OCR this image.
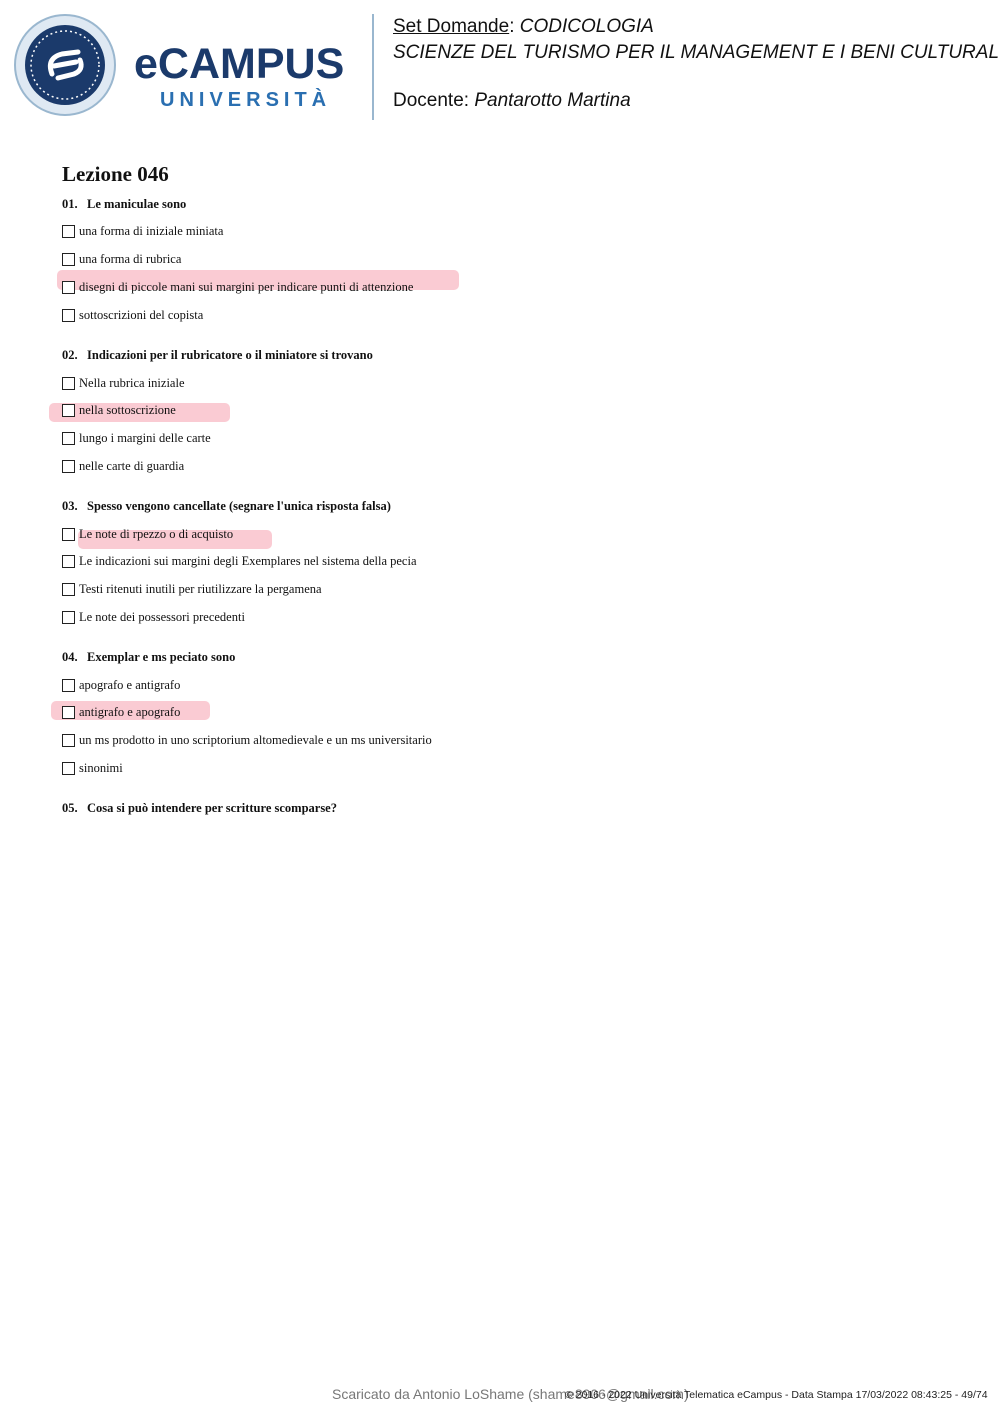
eCAMPUS
UNIVERSITÀ
Set Domande: CODICOLOGIA
SCIENZE DEL TURISMO PER IL MANAGEMENT E I BENI CULTURAL
Docente: Pantarotto Martina
Lezione 046
01. Le maniculae sono
una forma di iniziale miniata
una forma di rubrica
disegni di piccole mani sui margini per indicare punti di attenzione
sottoscrizioni del copista
02. Indicazioni per il rubricatore o il miniatore si trovano
Nella rubrica iniziale
nella sottoscrizione
lungo i margini delle carte
nelle carte di guardia
03. Spesso vengono cancellate (segnare l'unica risposta falsa)
Le note di rpezzo o di acquisto
Le indicazioni sui margini degli Exemplares nel sistema della pecia
Testi ritenuti inutili per riutilizzare la pergamena
Le note dei possessori precedenti
04. Exemplar e ms peciato sono
apografo e antigrafo
antigrafo e apografo
un ms prodotto in uno scriptorium altomedievale e un ms universitario
sinonimi
05. Cosa si può intendere per scritture scomparse?
Scaricato da Antonio LoShame (shame8906@gmail.com)
© 2016 - 2022 Università Telematica eCampus - Data Stampa 17/03/2022 08:43:25 - 49/74
